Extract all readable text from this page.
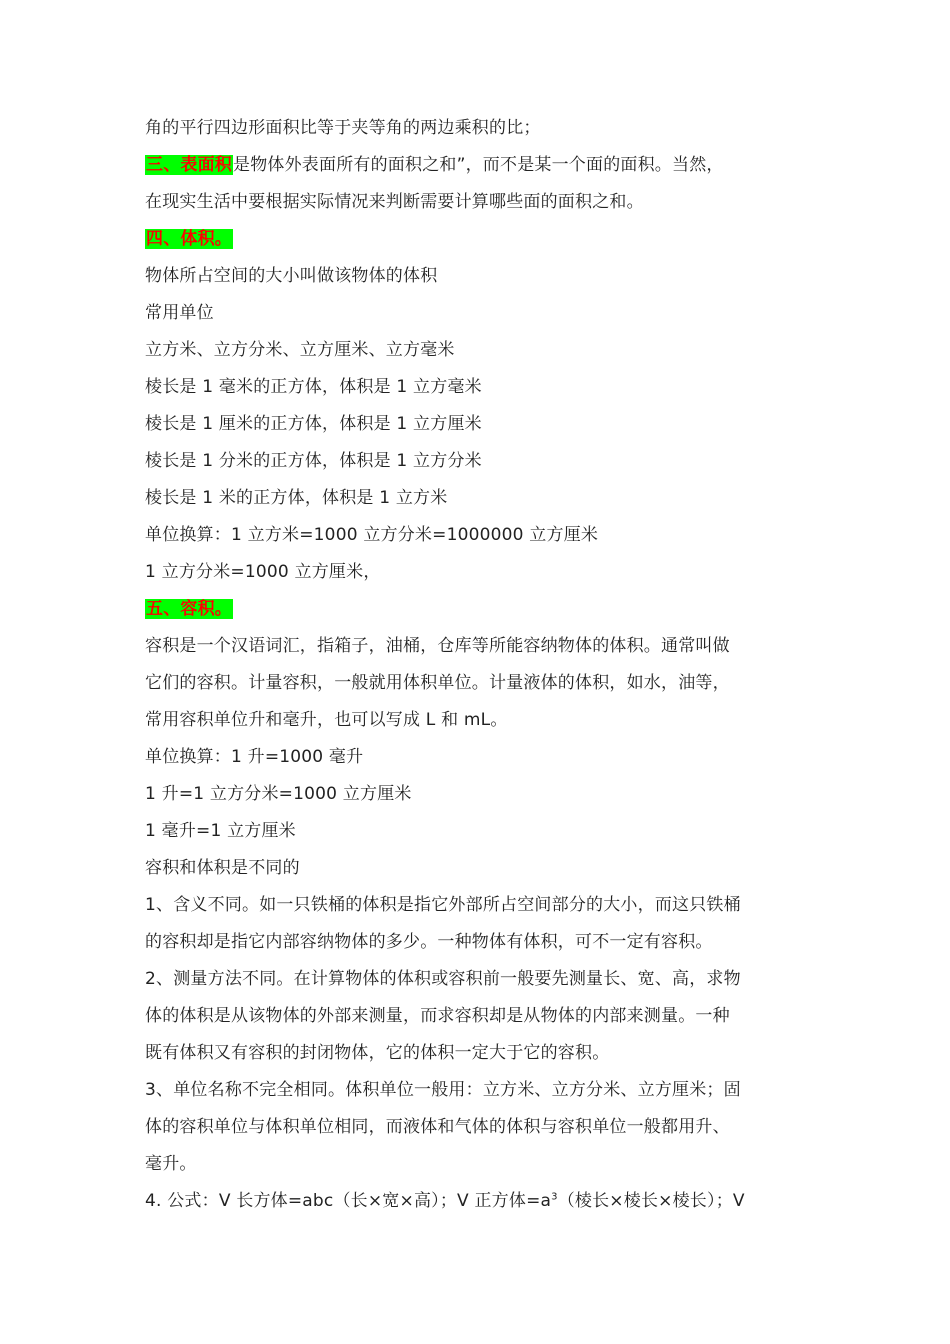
角的平行四边形面积比等于夹等角的两边乘积的比；
三、表面积是物体外表面所有的面积之和”，而不是某一个面的面积。当然，
在现实生活中要根据实际情况来判断需要计算哪些面的面积之和。
四、体积。
物体所占空间的大小叫做该物体的体积
常用单位
立方米、立方分米、立方厘米、立方毫米
棱长是 1 毫米的正方体，体积是 1 立方毫米
棱长是 1 厘米的正方体，体积是 1 立方厘米
棱长是 1 分米的正方体，体积是 1 立方分米
棱长是 1 米的正方体，体积是 1 立方米
单位换算：1 立方米=1000 立方分米=1000000 立方厘米
1 立方分米=1000 立方厘米，
五、容积。
容积是一个汉语词汇，指箱子，油桶，仓库等所能容纳物体的体积。通常叫做
它们的容积。计量容积，一般就用体积单位。计量液体的体积，如水，油等，
常用容积单位升和毫升，也可以写成 L 和 mL。
单位换算：1 升=1000 毫升
1 升=1 立方分米=1000 立方厘米
1 毫升=1 立方厘米
容积和体积是不同的
1、含义不同。如一只铁桶的体积是指它外部所占空间部分的大小，而这只铁桶
的容积却是指它内部容纳物体的多少。一种物体有体积，可不一定有容积。
2、测量方法不同。在计算物体的体积或容积前一般要先测量长、宽、高，求物
体的体积是从该物体的外部来测量，而求容积却是从物体的内部来测量。一种
既有体积又有容积的封闭物体，它的体积一定大于它的容积。
3、单位名称不完全相同。体积单位一般用：立方米、立方分米、立方厘米；固
体的容积单位与体积单位相同，而液体和气体的体积与容积单位一般都用升、
毫升。
4. 公式：V 长方体=abc（长×宽×高）；V 正方体$=a^3$（棱长×棱长×棱长）；V
